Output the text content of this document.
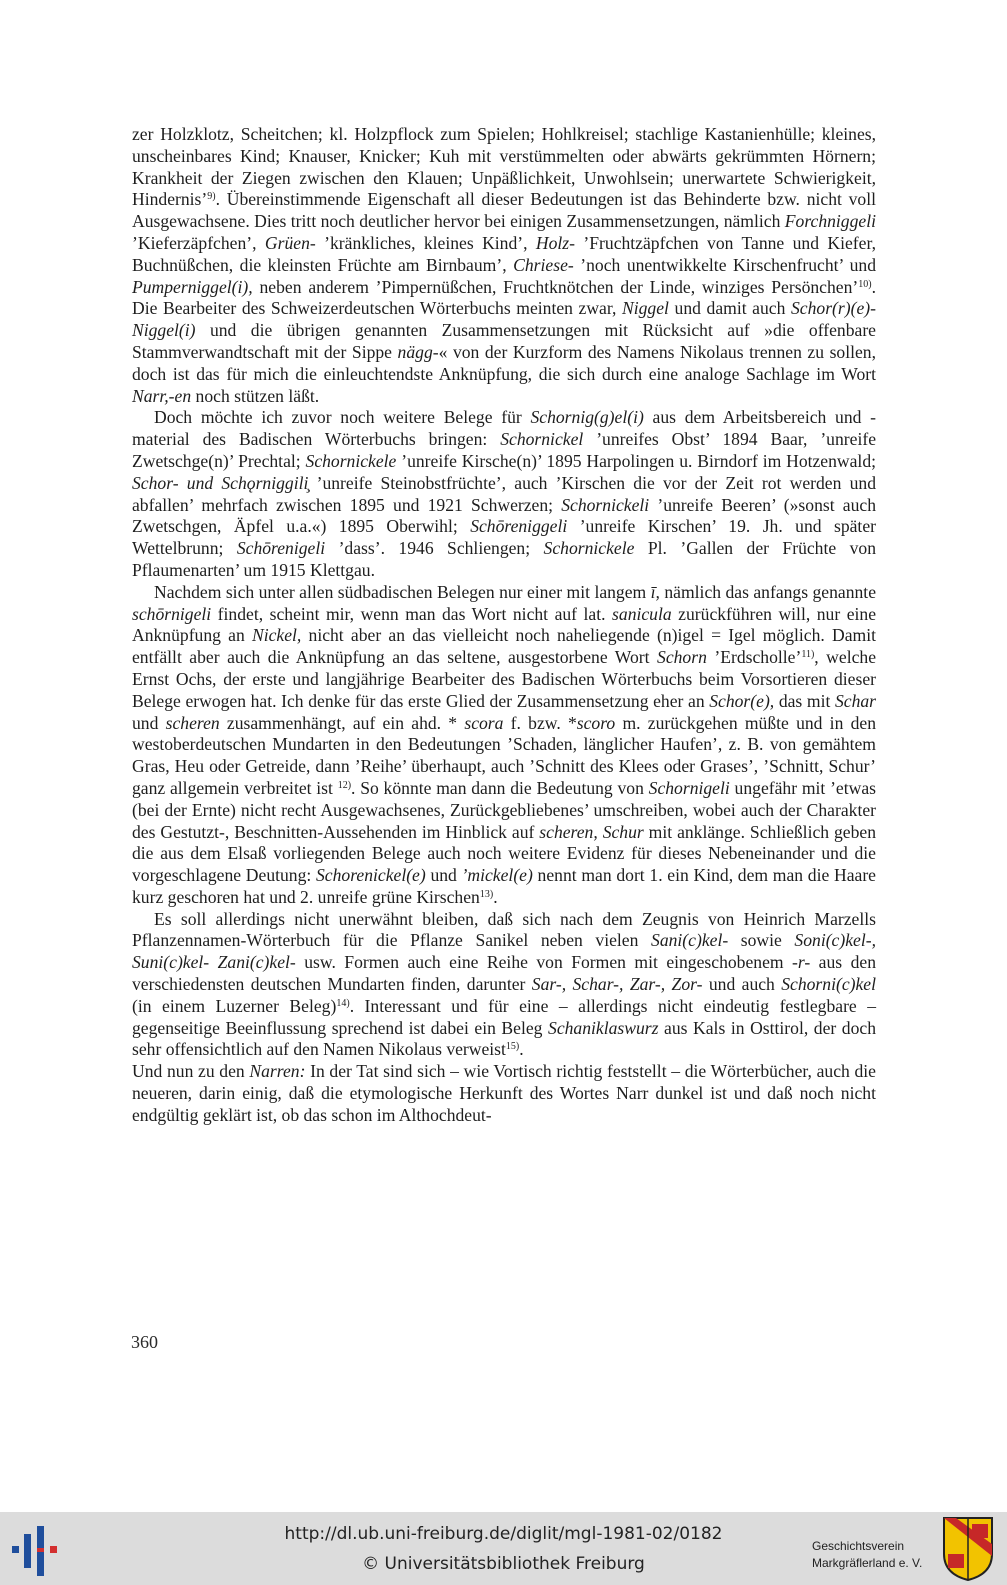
zer Holzklotz, Scheitchen; kl. Holzpflock zum Spielen; Hohlkreisel; stachlige Kastanienhülle; kleines, unscheinbares Kind; Knauser, Knicker; Kuh mit verstümmelten oder abwärts gekrümmten Hörnern; Krankheit der Ziegen zwischen den Klauen; Unpäßlichkeit, Unwohlsein; unerwartete Schwierigkeit, Hindernis’$^{9)}$. Übereinstimmende Eigenschaft all dieser Bedeutungen ist das Behinderte bzw. nicht voll Ausgewachsene. Dies tritt noch deutlicher hervor bei einigen Zusammensetzungen, nämlich Forchniggeli ’Kieferzäpfchen’, Grüen- ’kränkliches, kleines Kind’, Holz- ’Fruchtzäpfchen von Tanne und Kiefer, Buchnüßchen, die kleinsten Früchte am Birnbaum’, Chriese- ’noch unentwikkelte Kirschenfrucht’ und Pumperniggel(i), neben anderem ’Pimpernüßchen, Fruchtknötchen der Linde, winziges Persönchen’$^{10)}$. Die Bearbeiter des Schweizerdeutschen Wörterbuchs meinten zwar, Niggel und damit auch Schor(r)(e)-Niggel(i) und die übrigen genannten Zusammensetzungen mit Rücksicht auf »die offenbare Stammverwandtschaft mit der Sippe nägg-« von der Kurzform des Namens Nikolaus trennen zu sollen, doch ist das für mich die einleuchtendste Anknüpfung, die sich durch eine analoge Sachlage im Wort Narr,-en noch stützen läßt.

Doch möchte ich zuvor noch weitere Belege für Schornig(g)el(i) aus dem Arbeitsbereich und -material des Badischen Wörterbuchs bringen: Schornickel ’unreifes Obst’ 1894 Baar, ’unreife Zwetschge(n)’ Prechtal; Schornickele ’unreife Kirsche(n)’ 1895 Harpolingen u. Birndorf im Hotzenwald; Schor- und Schǫrniggili̧ ’unreife Steinobstfrüchte’, auch ’Kirschen die vor der Zeit rot werden und abfallen’ mehrfach zwischen 1895 und 1921 Schwerzen; Schornickeli ’unreife Beeren’ (»sonst auch Zwetschgen, Äpfel u.a.«) 1895 Oberwihl; Schōreniggeli ’unreife Kirschen’ 19. Jh. und später Wettelbrunn; Schōrenigeli ’dass’. 1946 Schliengen; Schornickele Pl. ’Gallen der Früchte von Pflaumenarten’ um 1915 Klettgau.

Nachdem sich unter allen südbadischen Belegen nur einer mit langem ī, nämlich das anfangs genannte schōrnigeli findet, scheint mir, wenn man das Wort nicht auf lat. sanicula zurückführen will, nur eine Anknüpfung an Nickel, nicht aber an das vielleicht noch naheliegende (n)igel = Igel möglich. Damit entfällt aber auch die Anknüpfung an das seltene, ausgestorbene Wort Schorn ’Erdscholle’$^{11)}$, welche Ernst Ochs, der erste und langjährige Bearbeiter des Badischen Wörterbuchs beim Vorsortieren dieser Belege erwogen hat. Ich denke für das erste Glied der Zusammensetzung eher an Schor(e), das mit Schar und scheren zusammenhängt, auf ein ahd. * scora f. bzw. *scoro m. zurückgehen müßte und in den westoberdeutschen Mundarten in den Bedeutungen ’Schaden, länglicher Haufen’, z. B. von gemähtem Gras, Heu oder Getreide, dann ’Reihe’ überhaupt, auch ’Schnitt des Klees oder Grases’, ’Schnitt, Schur’ ganz allgemein verbreitet ist $^{12)}$. So könnte man dann die Bedeutung von Schornigeli ungefähr mit ’etwas (bei der Ernte) nicht recht Ausgewachsenes, Zurückgebliebenes’ umschreiben, wobei auch der Charakter des Gestutzt-, Beschnitten-Aussehenden im Hinblick auf scheren, Schur mit anklänge. Schließlich geben die aus dem Elsaß vorliegenden Belege auch noch weitere Evidenz für dieses Nebeneinander und die vorgeschlagene Deutung: Schorenickel(e) und ’mickel(e) nennt man dort 1. ein Kind, dem man die Haare kurz geschoren hat und 2. unreife grüne Kirschen$^{13)}$.

Es soll allerdings nicht unerwähnt bleiben, daß sich nach dem Zeugnis von Heinrich Marzells Pflanzennamen-Wörterbuch für die Pflanze Sanikel neben vielen Sani(c)kel- sowie Soni(c)kel-, Suni(c)kel- Zani(c)kel- usw. Formen auch eine Reihe von Formen mit eingeschobenem -r- aus den verschiedensten deutschen Mundarten finden, darunter Sar-, Schar-, Zar-, Zor- und auch Schorni(c)kel (in einem Luzerner Beleg)$^{14)}$. Interessant und für eine – allerdings nicht eindeutig festlegbare – gegenseitige Beeinflussung sprechend ist dabei ein Beleg Schaniklaswurz aus Kals in Osttirol, der doch sehr offensichtlich auf den Namen Nikolaus verweist$^{15)}$.

Und nun zu den Narren: In der Tat sind sich – wie Vortisch richtig feststellt – die Wörterbücher, auch die neueren, darin einig, daß die etymologische Herkunft des Wortes Narr dunkel ist und daß noch nicht endgültig geklärt ist, ob das schon im Althochdeut-

360
http://dl.ub.uni-freiburg.de/diglit/mgl-1981-02/0182
© Universitätsbibliothek Freiburg
Geschichtsverein
Markgräflerland e. V.
